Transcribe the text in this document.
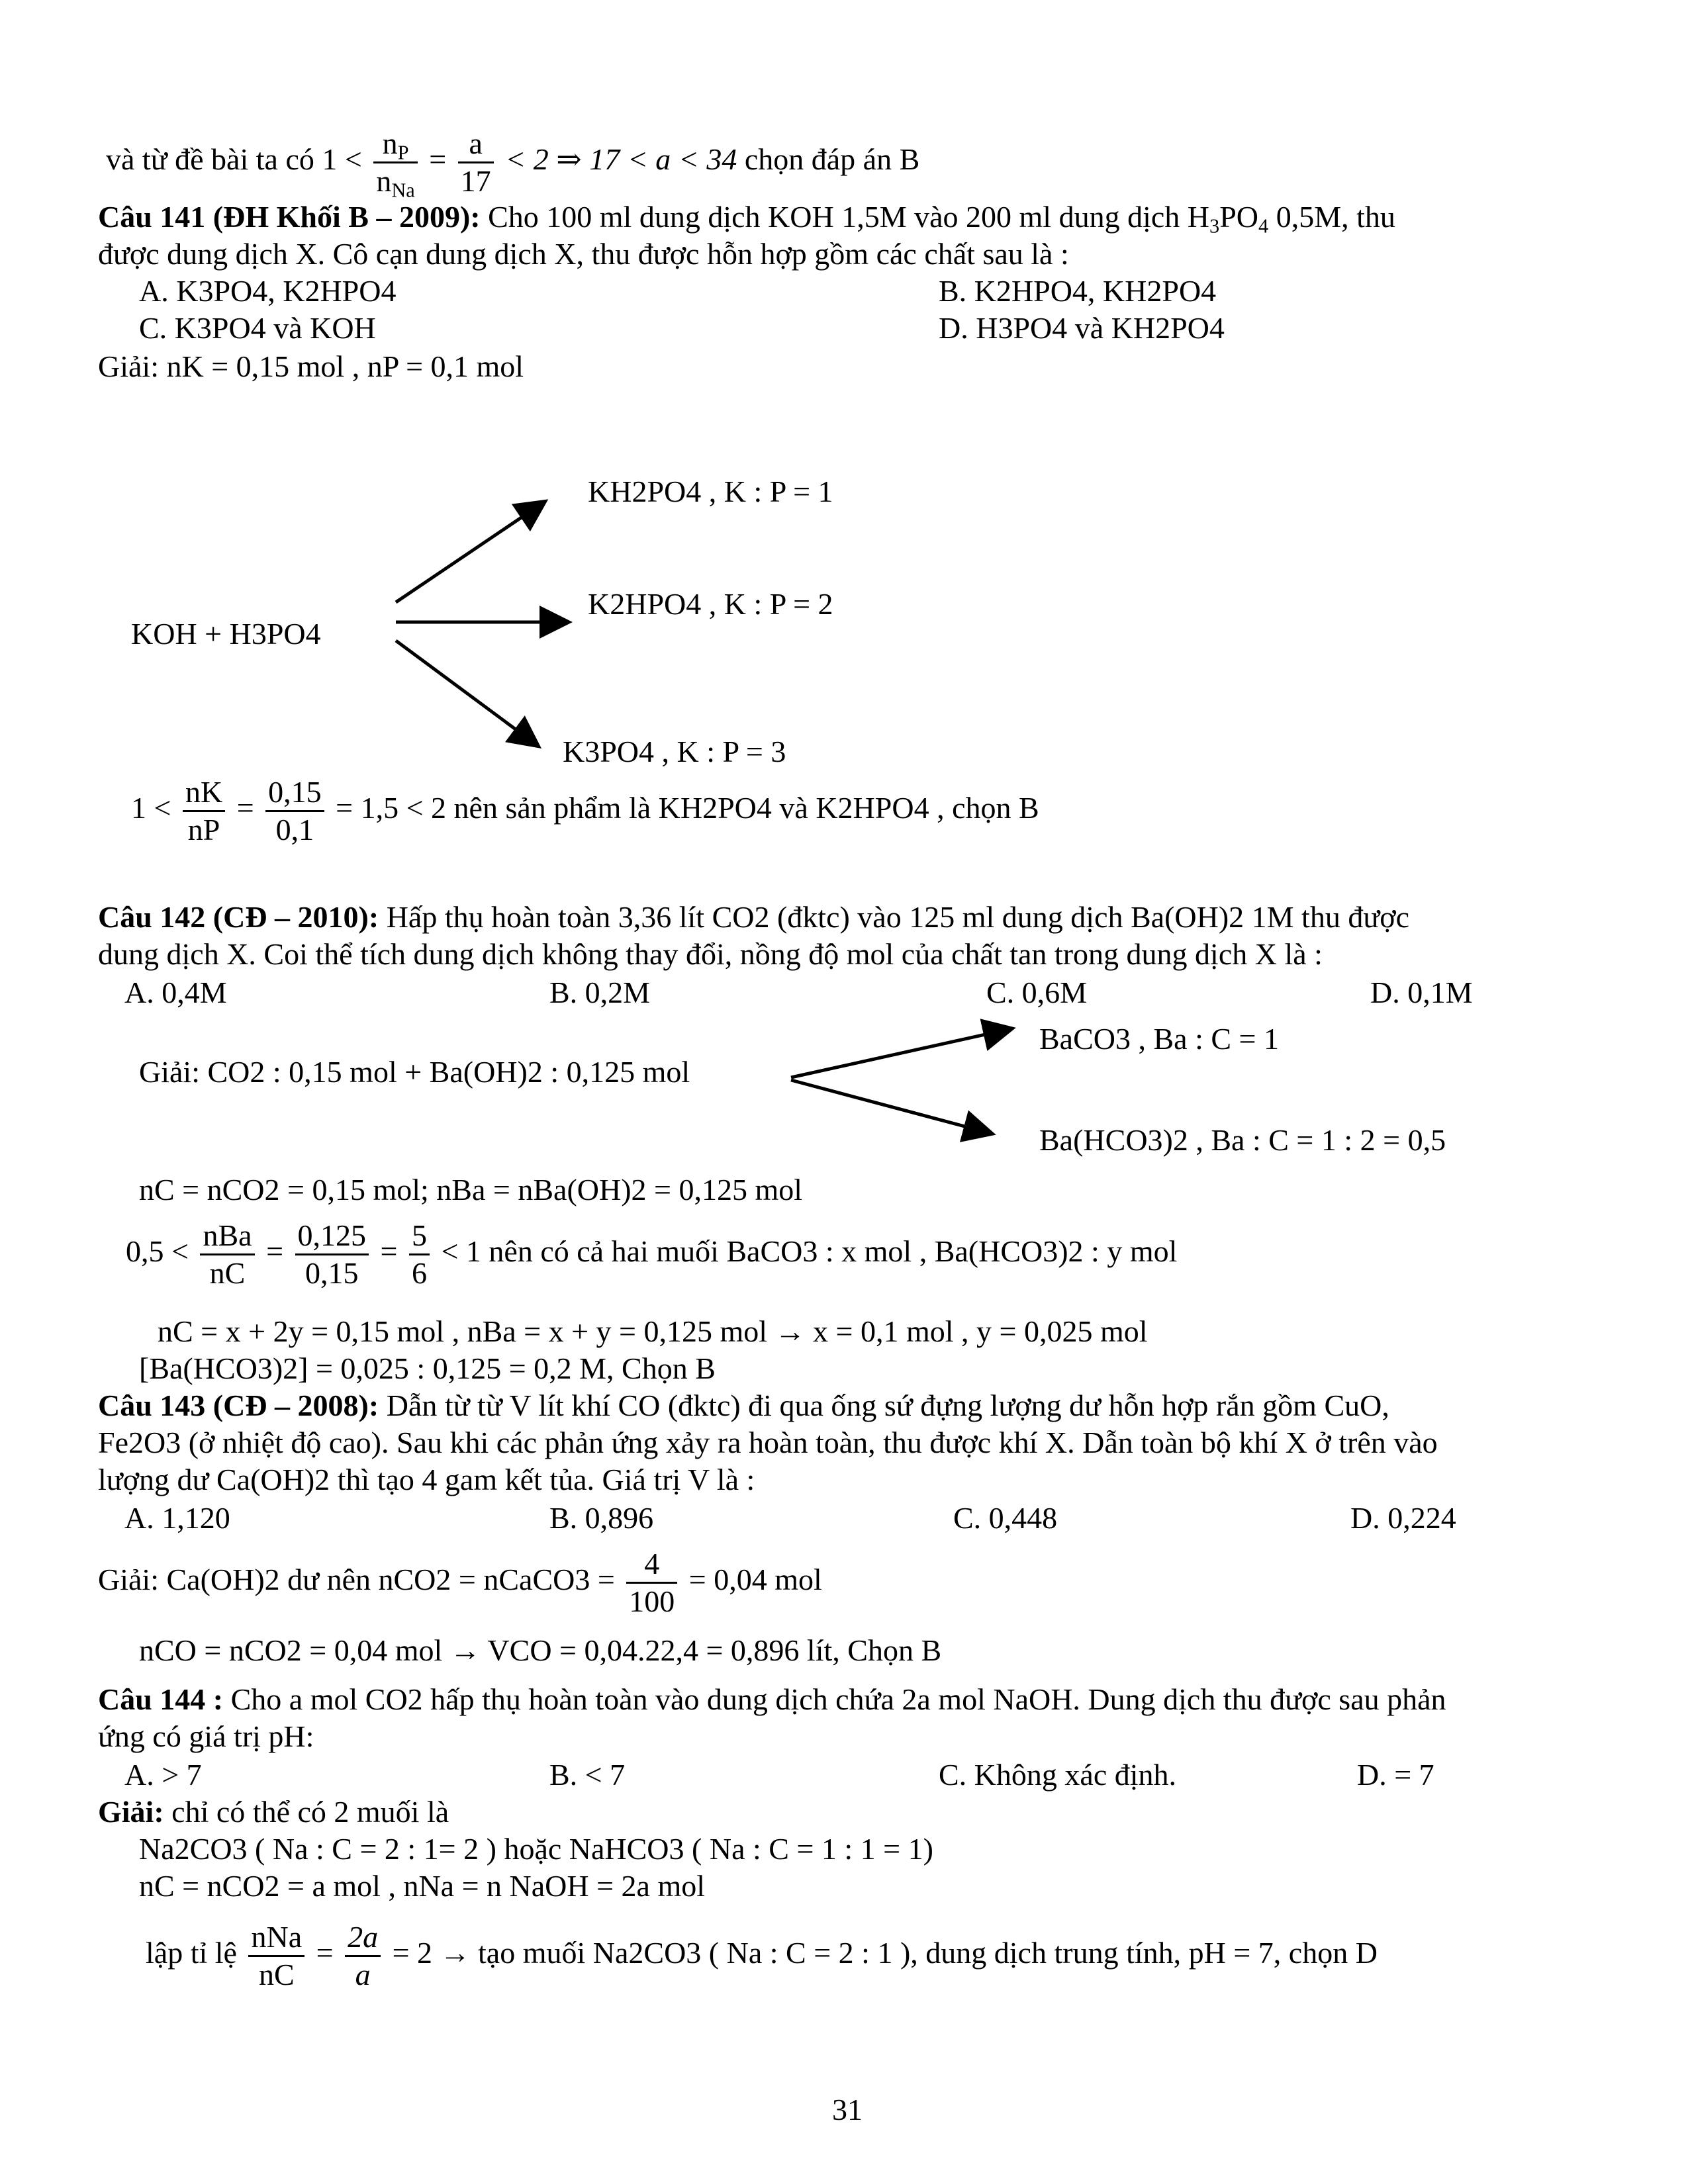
và từ đề bài ta có $1 < \frac{n_P}{n_{Na}} = \frac{a}{17} < 2$ ⇒ 17 < a < 34 chọn đáp án B
Câu 141 (ĐH Khối B – 2009): Cho 100 ml dung dịch KOH 1,5M vào 200 ml dung dịch $H_3PO_4$ 0,5M, thu
được dung dịch X. Cô cạn dung dịch X, thu được hỗn hợp gồm các chất sau là :
A. K3PO4, K2HPO4	B. K2HPO4, KH2PO4
C. K3PO4 và KOH	D. H3PO4 và KH2PO4
Giải: nK = 0,15 mol , nP = 0,1 mol
KH2PO4 , K : P = 1
K2HPO4 , K : P = 2
KOH + H3PO4
K3PO4 , K : P = 3
$1 < \frac{nK}{nP} = \frac{0,15}{0,1} = 1,5 < 2$ nên sản phẩm là KH2PO4 và K2HPO4 , chọn B
Câu 142 (CĐ – 2010): Hấp thụ hoàn toàn 3,36 lít CO2 (đktc) vào 125 ml dung dịch Ba(OH)2 1M thu được
dung dịch X. Coi thể tích dung dịch không thay đổi, nồng độ mol của chất tan trong dung dịch X là :
A. 0,4M	B. 0,2M	C. 0,6M	D. 0,1M
BaCO3 , Ba : C = 1
Giải: CO2 : 0,15 mol + Ba(OH)2 : 0,125 mol
Ba(HCO3)2 , Ba : C = 1 : 2 = 0,5
nC = nCO2 = 0,15 mol; nBa = nBa(OH)2 = 0,125 mol
$0,5 < \frac{\text{nBa}}{nC} = \frac{0,125}{0,15} = \frac{5}{6} < 1$ nên có cả hai muối BaCO3 : x mol , Ba(HCO3)2 : y mol
nC = x + 2y = 0,15 mol , nBa = x + y = 0,125 mol → x = 0,1 mol , y = 0,025 mol
[Ba(HCO3)2] = 0,025 : 0,125 = 0,2 M, Chọn B
Câu 143 (CĐ – 2008): Dẫn từ từ V lít khí CO (đktc) đi qua ống sứ đựng lượng dư hỗn hợp rắn gồm CuO,
Fe2O3 (ở nhiệt độ cao). Sau khi các phản ứng xảy ra hoàn toàn, thu được khí X. Dẫn toàn bộ khí X ở trên vào
lượng dư Ca(OH)2 thì tạo 4 gam kết tủa. Giá trị V là :
A. 1,120	B. 0,896	C. 0,448	D. 0,224
Giải: Ca(OH)2 dư nên nCO2 = nCaCO3 = $\frac{4}{100} = 0,04$ mol
nCO = nCO2 = 0,04 mol → VCO = 0,04.22,4 = 0,896 lít, Chọn B
Câu 144 : Cho a mol CO2 hấp thụ hoàn toàn vào dung dịch chứa 2a mol NaOH. Dung dịch thu được sau phản
ứng có giá trị pH:
A. > 7	B. < 7	C. Không xác định.	D. = 7
Giải: chỉ có thể có 2 muối là
Na2CO3 ( Na : C = 2 : 1= 2 ) hoặc NaHCO3 ( Na : C = 1 : 1 = 1)
nC = nCO2 = a mol , nNa = n NaOH = 2a mol
lập tỉ lệ $\frac{\text{nNa}}{nC} = \frac{2a}{a} = 2$ → tạo muối Na2CO3 ( Na : C = 2 : 1 ), dung dịch trung tính, pH = 7, chọn D
31
